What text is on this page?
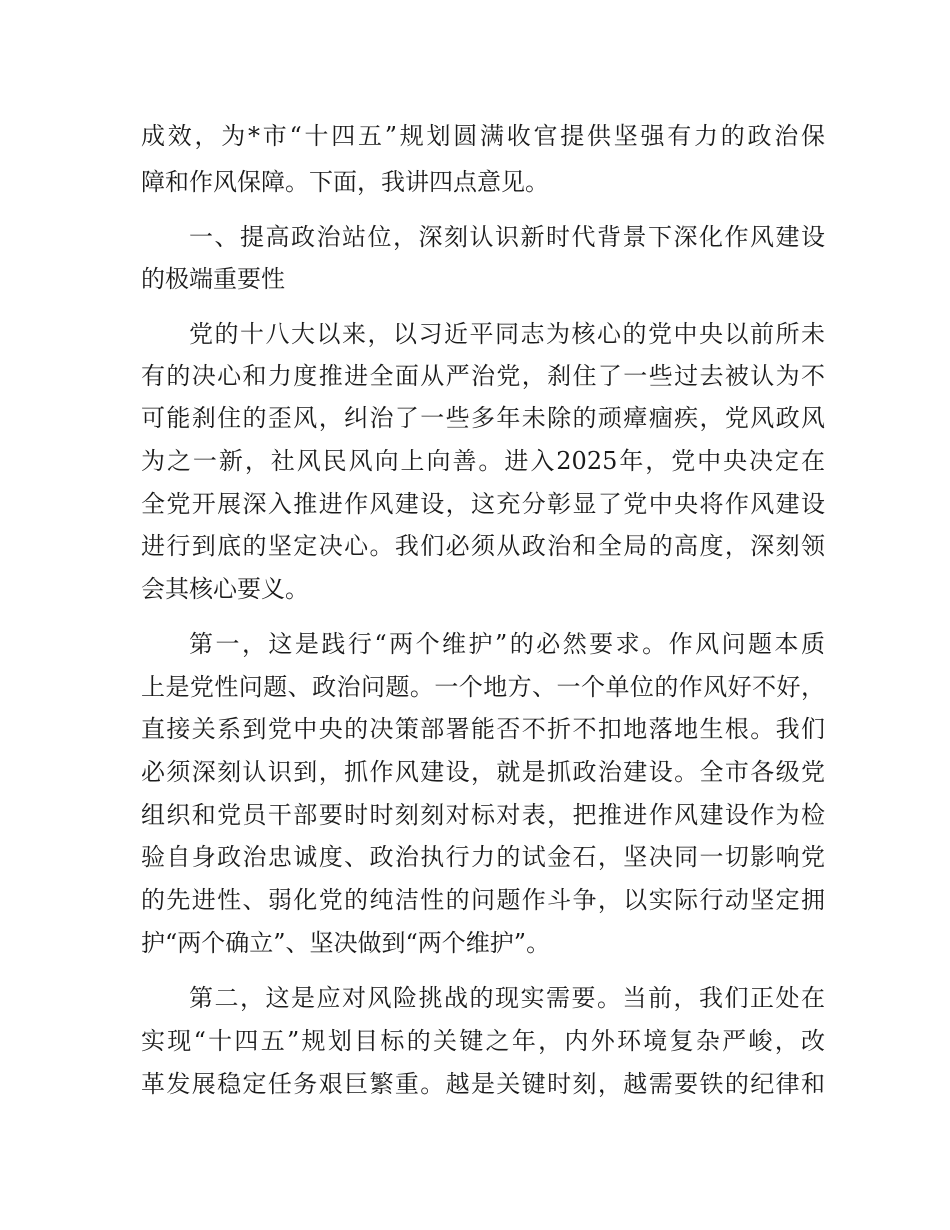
成效，为*市“十四五”规划圆满收官提供坚强有力的政治保
障和作风保障。下面，我讲四点意见。
一、提高政治站位，深刻认识新时代背景下深化作风建设
的极端重要性
党的十八大以来，以习近平同志为核心的党中央以前所未
有的决心和力度推进全面从严治党，刹住了一些过去被认为不
可能刹住的歪风，纠治了一些多年未除的顽瘴痼疾，党风政风
为之一新，社风民风向上向善。进入2025年，党中央决定在
全党开展深入推进作风建设，这充分彰显了党中央将作风建设
进行到底的坚定决心。我们必须从政治和全局的高度，深刻领
会其核心要义。
第一，这是践行“两个维护”的必然要求。作风问题本质
上是党性问题、政治问题。一个地方、一个单位的作风好不好，
直接关系到党中央的决策部署能否不折不扣地落地生根。我们
必须深刻认识到，抓作风建设，就是抓政治建设。全市各级党
组织和党员干部要时时刻刻对标对表，把推进作风建设作为检
验自身政治忠诚度、政治执行力的试金石，坚决同一切影响党
的先进性、弱化党的纯洁性的问题作斗争，以实际行动坚定拥
护“两个确立”、坚决做到“两个维护”。
第二，这是应对风险挑战的现实需要。当前，我们正处在
实现“十四五”规划目标的关键之年，内外环境复杂严峻，改
革发展稳定任务艰巨繁重。越是关键时刻，越需要铁的纪律和
